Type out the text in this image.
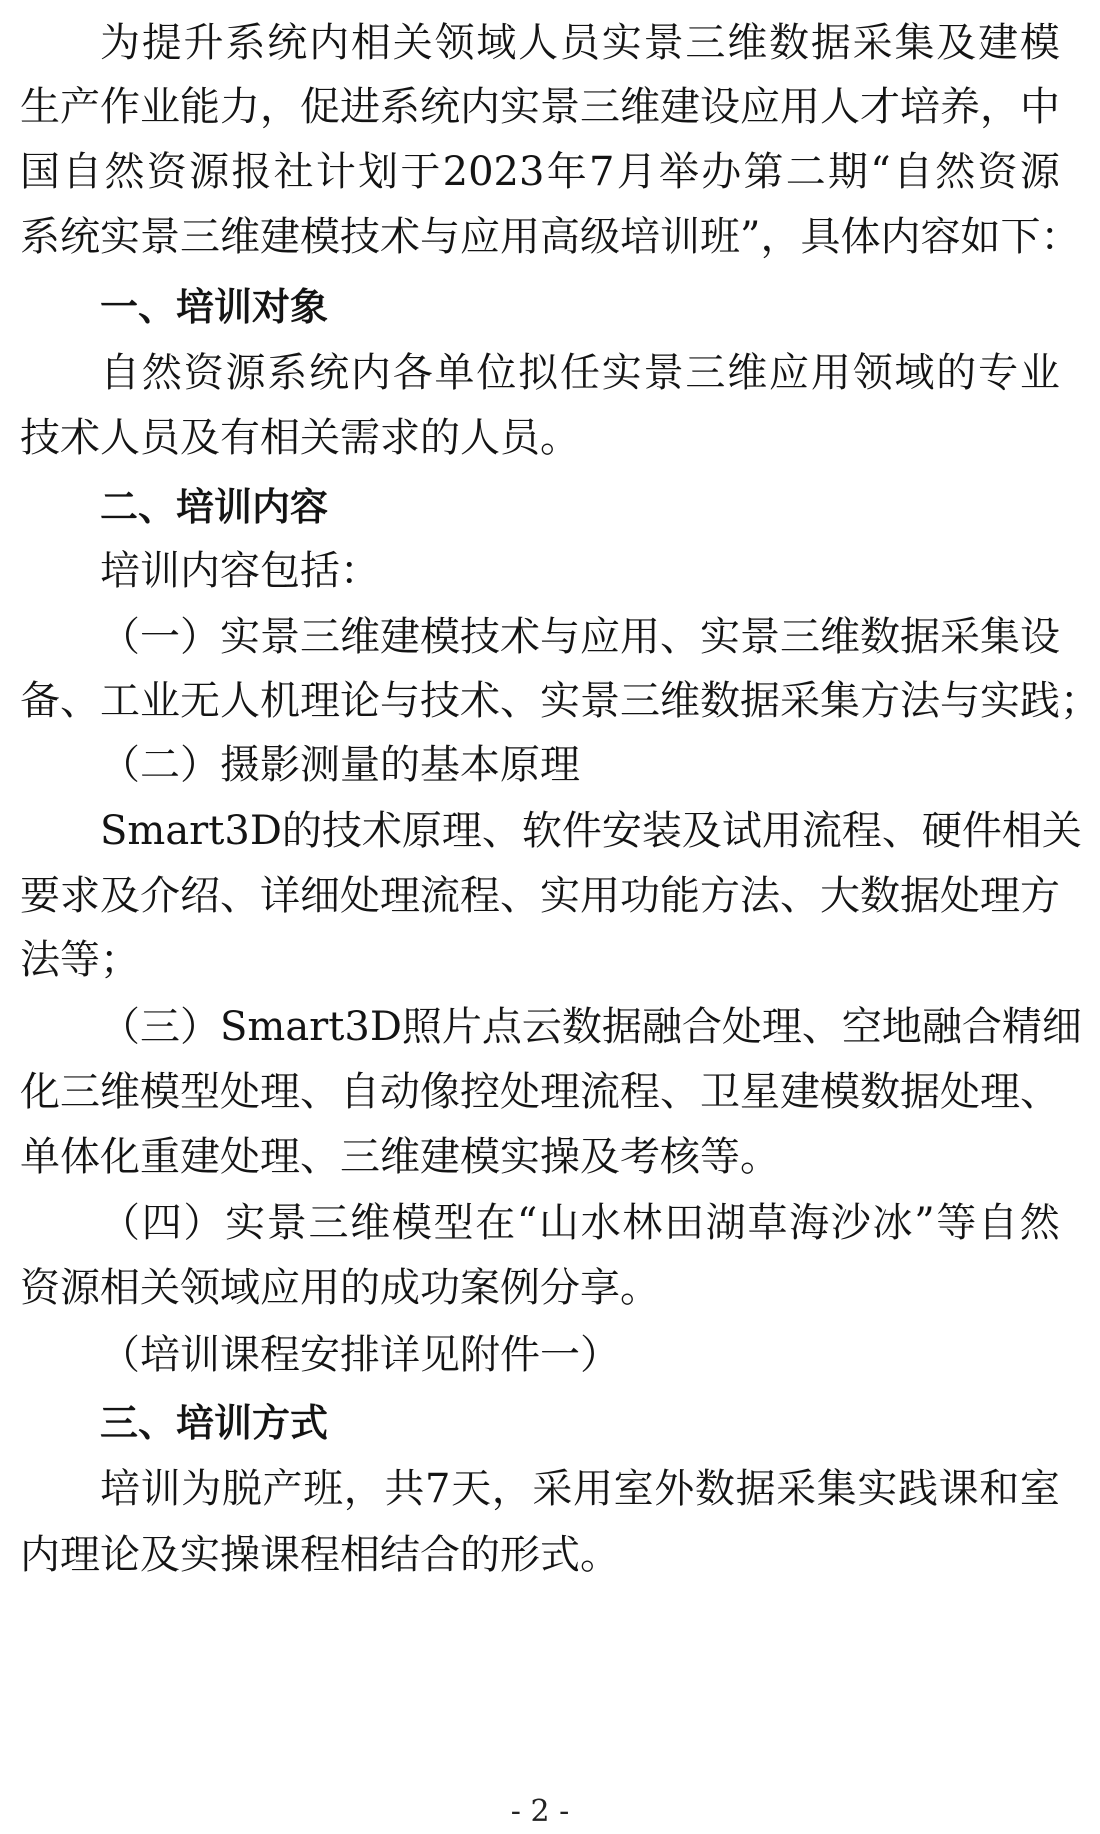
为 提 升 系 统 内 相 关 领 域 人 员 实 景 三 维 数 据 采 集 及 建 模
生 产 作 业 能 力 ， 促 进 系 统 内 实 景 三 维 建 设 应 用 人 才 培 养 ， 中
国 自 然 资 源 报 社 计 划 于 2023 年 7 月 举 办 第 二 期 “ 自 然 资 源
系 统 实 景 三 维 建 模 技 术 与 应 用 高 级 培 训 班 ” ， 具 体 内 容 如 下 ：
一、培训对象
自 然 资 源 系 统 内 各 单 位 拟 任 实 景 三 维 应 用 领 域 的 专 业
技术人员及有相关需求的人员。
二、培训内容
培训内容包括：
（ 一 ） 实 景 三 维 建 模 技 术 与 应 用 、 实 景 三 维 数 据 采 集 设
备 、 工 业 无 人 机 理 论 与 技 术 、 实 景 三 维 数 据 采 集 方 法 与 实 践 ；
（二）摄影测量的基本原理
Smart3D 的 技 术 原 理 、 软 件 安 装 及 试 用 流 程 、 硬 件 相 关
要 求 及 介 绍 、 详 细 处 理 流 程 、 实 用 功 能 方 法 、 大 数 据 处 理 方
法等；
（ 三 ） Smart3D 照 片 点 云 数 据 融 合 处 理 、 空 地 融 合 精 细
化 三 维 模 型 处 理 、 自 动 像 控 处 理 流 程 、 卫 星 建 模 数 据 处 理 、
单体化重建处理、三维建模实操及考核等。
（ 四 ） 实 景 三 维 模 型 在 “ 山 水 林 田 湖 草 海 沙 冰 ” 等 自 然
资源相关领域应用的成功案例分享。
（培训课程安排详见附件一）
三、培训方式
培 训 为 脱 产 班 ， 共 7 天 ， 采 用 室 外 数 据 采 集 实 践 课 和 室
内理论及实操课程相结合的形式。
- 2 -
